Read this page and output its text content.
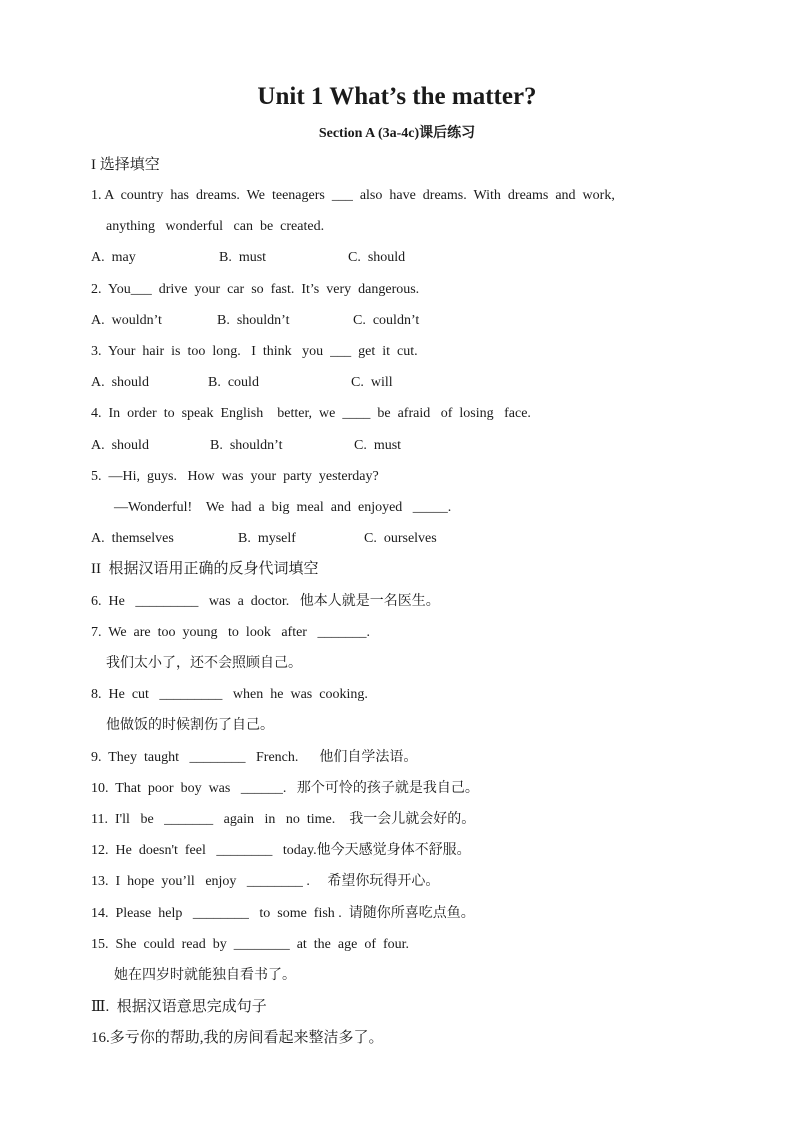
Unit 1 What’s the matter?
Section A (3a-4c)课后练习
I 选择填空
1. A  country  has  dreams.  We  teenagers  ___  also  have  dreams.  With  dreams  and  work,
anything   wonderful   can  be  created.
A.  may	B.  must	C.  should
2.  You___  drive  your  car  so  fast.  It’s  very  dangerous.
A.  wouldn’t	B.  shouldn’t	C.  couldn’t
3.  Your  hair  is  too  long.   I  think   you  ___  get  it  cut.
A.  should	B.  could	C.  will
4.  In  order  to  speak  English    better,  we  ____  be  afraid   of  losing   face.
A.  should	B.  shouldn’t	C.  must
5.  —Hi,  guys.   How  was  your  party  yesterday?
—Wonderful!    We  had  a  big  meal  and  enjoyed   _____.
A.  themselves	B.  myself	C.  ourselves
II  根据汉语用正确的反身代词填空
6.  He   _________   was  a  doctor.   他本人就是一名医生。
7.  We  are  too  young   to  look   after   _______.
我们太小了，还不会照顾自己。
8.  He  cut   _________   when  he  was  cooking.
他做饭的时候割伤了自己。
9.  They  taught   ________   French.      他们自学法语。
10.  That  poor  boy  was   ______.   那个可怜的孩子就是我自己。
11.  I'll   be   _______   again   in   no  time.    我一会儿就会好的。
12.  He  doesn't  feel   ________   today.他今天感觉身体不舒服。
13.  I  hope  you’ll   enjoy   ________ .     希望你玩得开心。
14.  Please  help   ________   to  some  fish .  请随你所喜吃点鱼。
15.  She  could  read  by  ________  at  the  age  of  four.
她在四岁时就能独自看书了。
Ⅲ.  根据汉语意思完成句子
16.多亏你的帮助,我的房间看起来整洁多了。
